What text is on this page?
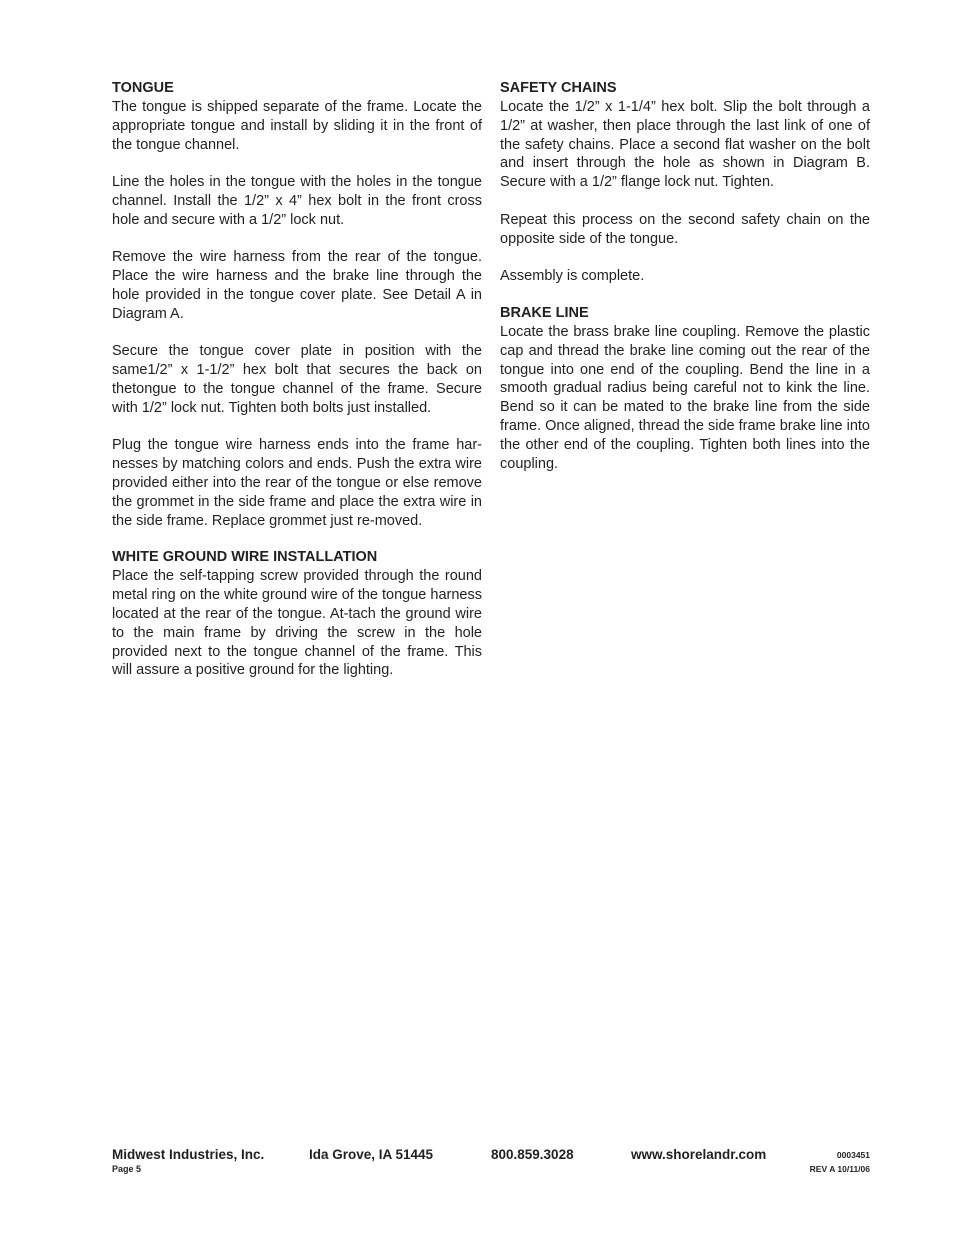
TONGUE

The tongue is shipped separate of the frame. Locate the appropriate tongue and install by sliding it in the front of the tongue channel.

Line the holes in the tongue with the holes in the tongue channel. Install the 1/2” x 4” hex bolt in the front cross hole and secure with a 1/2” lock nut.

Remove the wire harness from the rear of the tongue. Place the wire harness and the brake line through the hole provided in the tongue cover plate. See Detail A in Diagram A.

Secure the tongue cover plate in position with the same1/2” x 1-1/2” hex bolt that secures the back on thetongue to the tongue channel of the frame. Secure with 1/2” lock nut. Tighten both bolts just installed.

Plug the tongue wire harness ends into the frame har-nesses by matching colors and ends. Push the extra wire provided either into the rear of the tongue or else remove the grommet in the side frame and place the extra wire in the side frame. Replace grommet just re-moved.

WHITE GROUND WIRE INSTALLATION

Place the self-tapping screw provided through the round metal ring on the white ground wire of the tongue harness located at the rear of the tongue. At-tach the ground wire to the main frame by driving the screw in the hole provided next to the tongue channel of the frame. This will assure a positive ground for the lighting.

SAFETY CHAINS

Locate the 1/2” x 1-1/4” hex bolt. Slip the bolt through a 1/2” at washer, then place through the last link of one of the safety chains. Place a second flat washer on the bolt and insert through the hole as shown in Diagram B. Secure with a 1/2” flange lock nut. Tighten.

Repeat this process on the second safety chain on the opposite side of the tongue.

Assembly is complete.

BRAKE LINE

Locate the brass brake line coupling. Remove the plastic cap and thread the brake line coming out the rear of the tongue into one end of the coupling. Bend the line in a smooth gradual radius being careful not to kink the line. Bend so it can be mated to the brake line from the side frame. Once aligned, thread the side frame brake line into the other end of the coupling. Tighten both lines into the coupling.

Midwest Industries, Inc.	Ida Grove, IA 51445	800.859.3028	www.shorelandr.com
Page 5
0003451
REV A 10/11/06
